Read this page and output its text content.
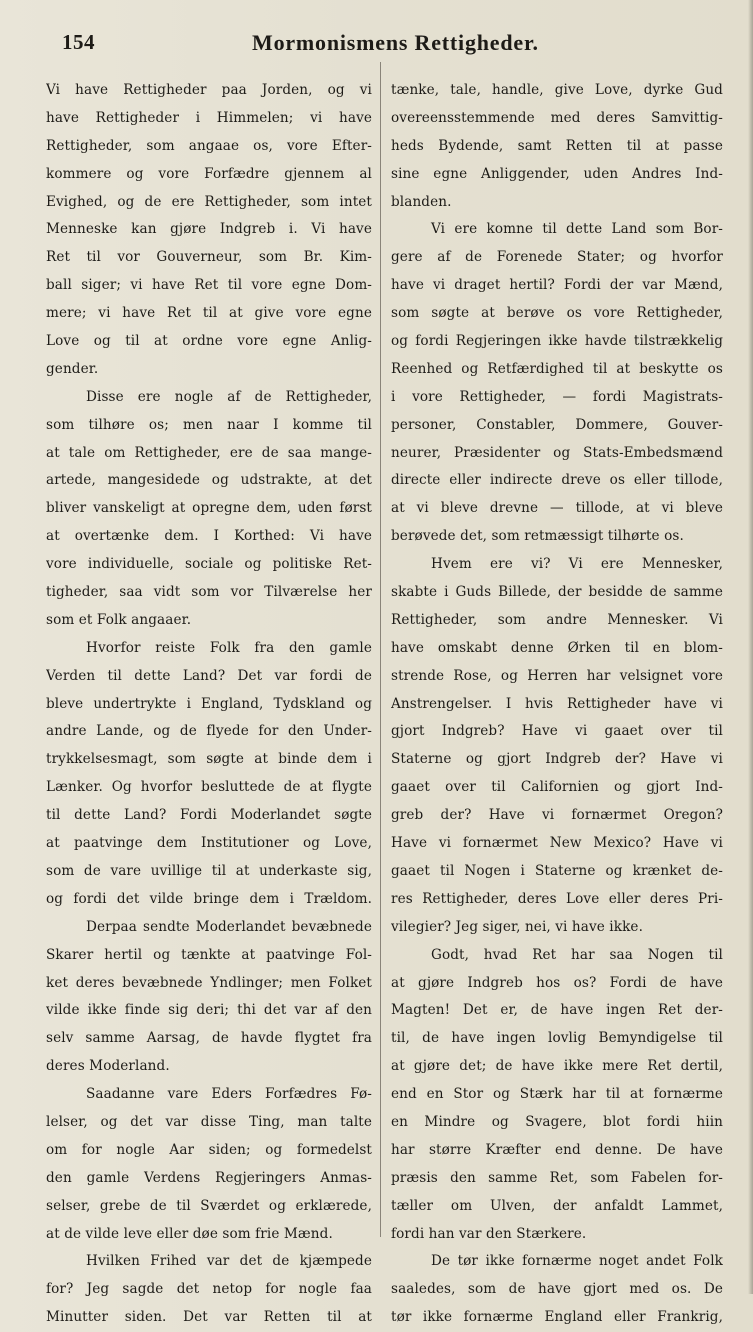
154	Mormonismens Rettigheder.
Vi have Rettigheder paa Jorden, og vi
have Rettigheder i Himmelen; vi have
Rettigheder, som angaae os, vore Efter-
kommere og vore Forfædre gjennem al
Evighed, og de ere Rettigheder, som intet
Menneske kan gjøre Indgreb i. Vi have
Ret til vor Gouverneur, som Br. Kim-
ball siger; vi have Ret til vore egne Dom-
mere; vi have Ret til at give vore egne
Love og til at ordne vore egne Anlig-
gender.
Disse ere nogle af de Rettigheder,
som tilhøre os; men naar I komme til
at tale om Rettigheder, ere de saa mange-
artede, mangesidede og udstrakte, at det
bliver vanskeligt at opregne dem, uden først
at overtænke dem. I Korthed: Vi have
vore individuelle, sociale og politiske Ret-
tigheder, saa vidt som vor Tilværelse her
som et Folk angaaer.
Hvorfor reiste Folk fra den gamle
Verden til dette Land? Det var fordi de
bleve undertrykte i England, Tydskland og
andre Lande, og de flyede for den Under-
trykkelsesmagt, som søgte at binde dem i
Lænker. Og hvorfor besluttede de at flygte
til dette Land? Fordi Moderlandet søgte
at paatvinge dem Institutioner og Love,
som de vare uvillige til at underkaste sig,
og fordi det vilde bringe dem i Trældom.
Derpaa sendte Moderlandet bevæbnede
Skarer hertil og tænkte at paatvinge Fol-
ket deres bevæbnede Yndlinger; men Folket
vilde ikke finde sig deri; thi det var af den
selv samme Aarsag, de havde flygtet fra
deres Moderland.
Saadanne vare Eders Forfædres Fø-
lelser, og det var disse Ting, man talte
om for nogle Aar siden; og formedelst
den gamle Verdens Regjeringers Anmas-
selser, grebe de til Sværdet og erklærede,
at de vilde leve eller døe som frie Mænd.
Hvilken Frihed var det de kjæmpede
for? Jeg sagde det netop for nogle faa
Minutter siden. Det var Retten til at
tænke, tale, handle, give Love, dyrke Gud
overeensstemmende med deres Samvittig-
heds Bydende, samt Retten til at passe
sine egne Anliggender, uden Andres Ind-
blanden.
Vi ere komne til dette Land som Bor-
gere af de Forenede Stater; og hvorfor
have vi draget hertil? Fordi der var Mænd,
som søgte at berøve os vore Rettigheder,
og fordi Regjeringen ikke havde tilstrækkelig
Reenhed og Retfærdighed til at beskytte os
i vore Rettigheder, — fordi Magistrats-
personer, Constabler, Dommere, Gouver-
neurer, Præsidenter og Stats-Embedsmænd
directe eller indirecte dreve os eller tillode,
at vi bleve drevne — tillode, at vi bleve
berøvede det, som retmæssigt tilhørte os.
Hvem ere vi? Vi ere Mennesker,
skabte i Guds Billede, der besidde de samme
Rettigheder, som andre Mennesker. Vi
have omskabt denne Ørken til en blom-
strende Rose, og Herren har velsignet vore
Anstrengelser. I hvis Rettigheder have vi
gjort Indgreb? Have vi gaaet over til
Staterne og gjort Indgreb der? Have vi
gaaet over til Californien og gjort Ind-
greb der? Have vi fornærmet Oregon?
Have vi fornærmet New Mexico? Have vi
gaaet til Nogen i Staterne og krænket de-
res Rettigheder, deres Love eller deres Pri-
vilegier? Jeg siger, nei, vi have ikke.
Godt, hvad Ret har saa Nogen til
at gjøre Indgreb hos os? Fordi de have
Magten! Det er, de have ingen Ret der-
til, de have ingen lovlig Bemyndigelse til
at gjøre det; de have ikke mere Ret dertil,
end en Stor og Stærk har til at fornærme
en Mindre og Svagere, blot fordi hiin
har større Kræfter end denne. De have
præsis den samme Ret, som Fabelen for-
tæller om Ulven, der anfaldt Lammet,
fordi han var den Stærkere.
De tør ikke fornærme noget andet Folk
saaledes, som de have gjort med os. De
tør ikke fornærme England eller Frankrig,
